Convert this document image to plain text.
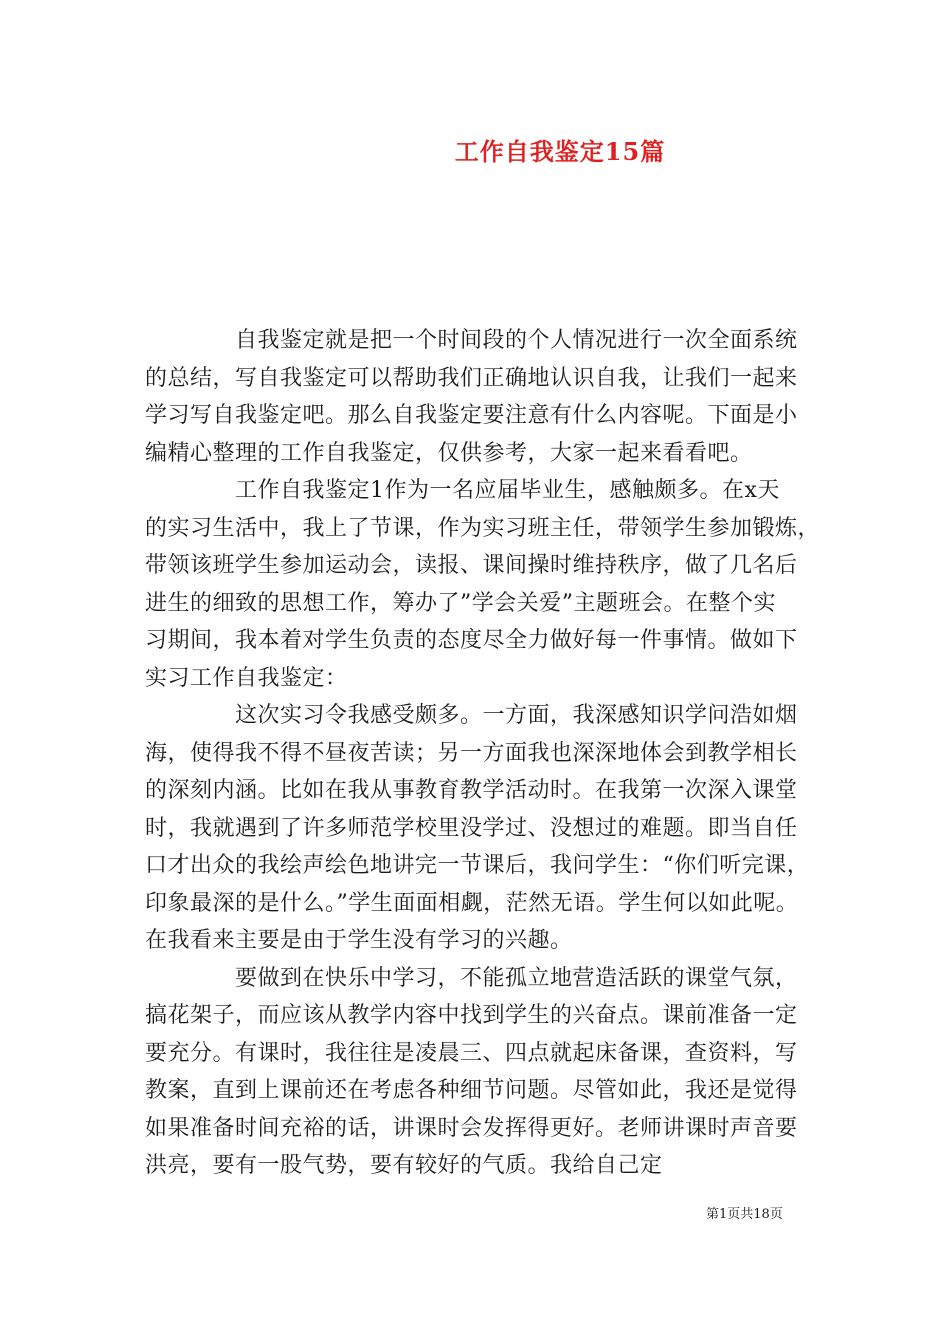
工作自我鉴定15篇
自我鉴定就是把一个时间段的个人情况进行一次全面系统
的总结，写自我鉴定可以帮助我们正确地认识自我，让我们一起来
学习写自我鉴定吧。那么自我鉴定要注意有什么内容呢。下面是小
编精心整理的工作自我鉴定，仅供参考，大家一起来看看吧。
工作自我鉴定1作为一名应届毕业生，感触颇多。在x天
的实习生活中，我上了节课，作为实习班主任，带领学生参加锻炼，
带领该班学生参加运动会，读报、课间操时维持秩序，做了几名后
进生的细致的思想工作，筹办了”学会关爱”主题班会。在整个实
习期间，我本着对学生负责的态度尽全力做好每一件事情。做如下
实习工作自我鉴定：
这次实习令我感受颇多。一方面，我深感知识学问浩如烟
海，使得我不得不昼夜苦读；另一方面我也深深地体会到教学相长
的深刻内涵。比如在我从事教育教学活动时。在我第一次深入课堂
时，我就遇到了许多师范学校里没学过、没想过的难题。即当自任
口才出众的我绘声绘色地讲完一节课后，我问学生：“你们听完课，
印象最深的是什么。”学生面面相觑，茫然无语。学生何以如此呢。
在我看来主要是由于学生没有学习的兴趣。
要做到在快乐中学习，不能孤立地营造活跃的课堂气氛，
搞花架子，而应该从教学内容中找到学生的兴奋点。课前准备一定
要充分。有课时，我往往是凌晨三、四点就起床备课，查资料，写
教案，直到上课前还在考虑各种细节问题。尽管如此，我还是觉得
如果准备时间充裕的话，讲课时会发挥得更好。老师讲课时声音要
洪亮，要有一股气势，要有较好的气质。我给自己定
第1页共18页
